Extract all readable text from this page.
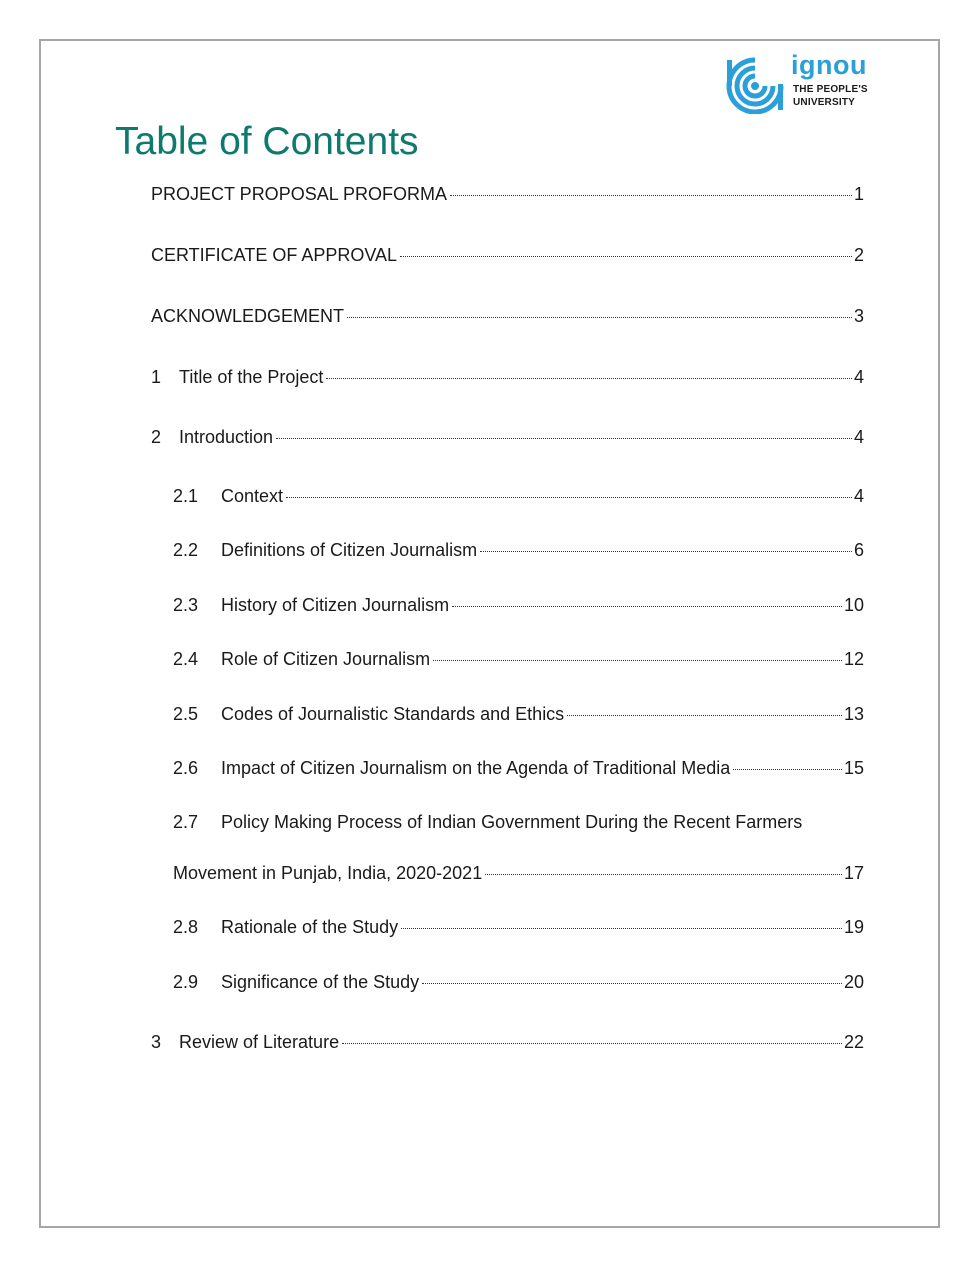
ignou
THE PEOPLE'S
UNIVERSITY
Table of Contents
PROJECT PROPOSAL PROFORMA	1
CERTIFICATE OF APPROVAL	2
ACKNOWLEDGEMENT	3
1 Title of the Project	4
2 Introduction	4
2.1	Context	4
2.2	Definitions of Citizen Journalism	6
2.3	History of Citizen Journalism	10
2.4	Role of Citizen Journalism	12
2.5	Codes of Journalistic Standards and Ethics	13
2.6	Impact of Citizen Journalism on the Agenda of Traditional Media	15
2.7 Policy Making Process of Indian Government During the Recent Farmers
Movement in Punjab, India, 2020-2021	17
2.8	Rationale of the Study	19
2.9	Significance of the Study	20
3 Review of Literature	22
